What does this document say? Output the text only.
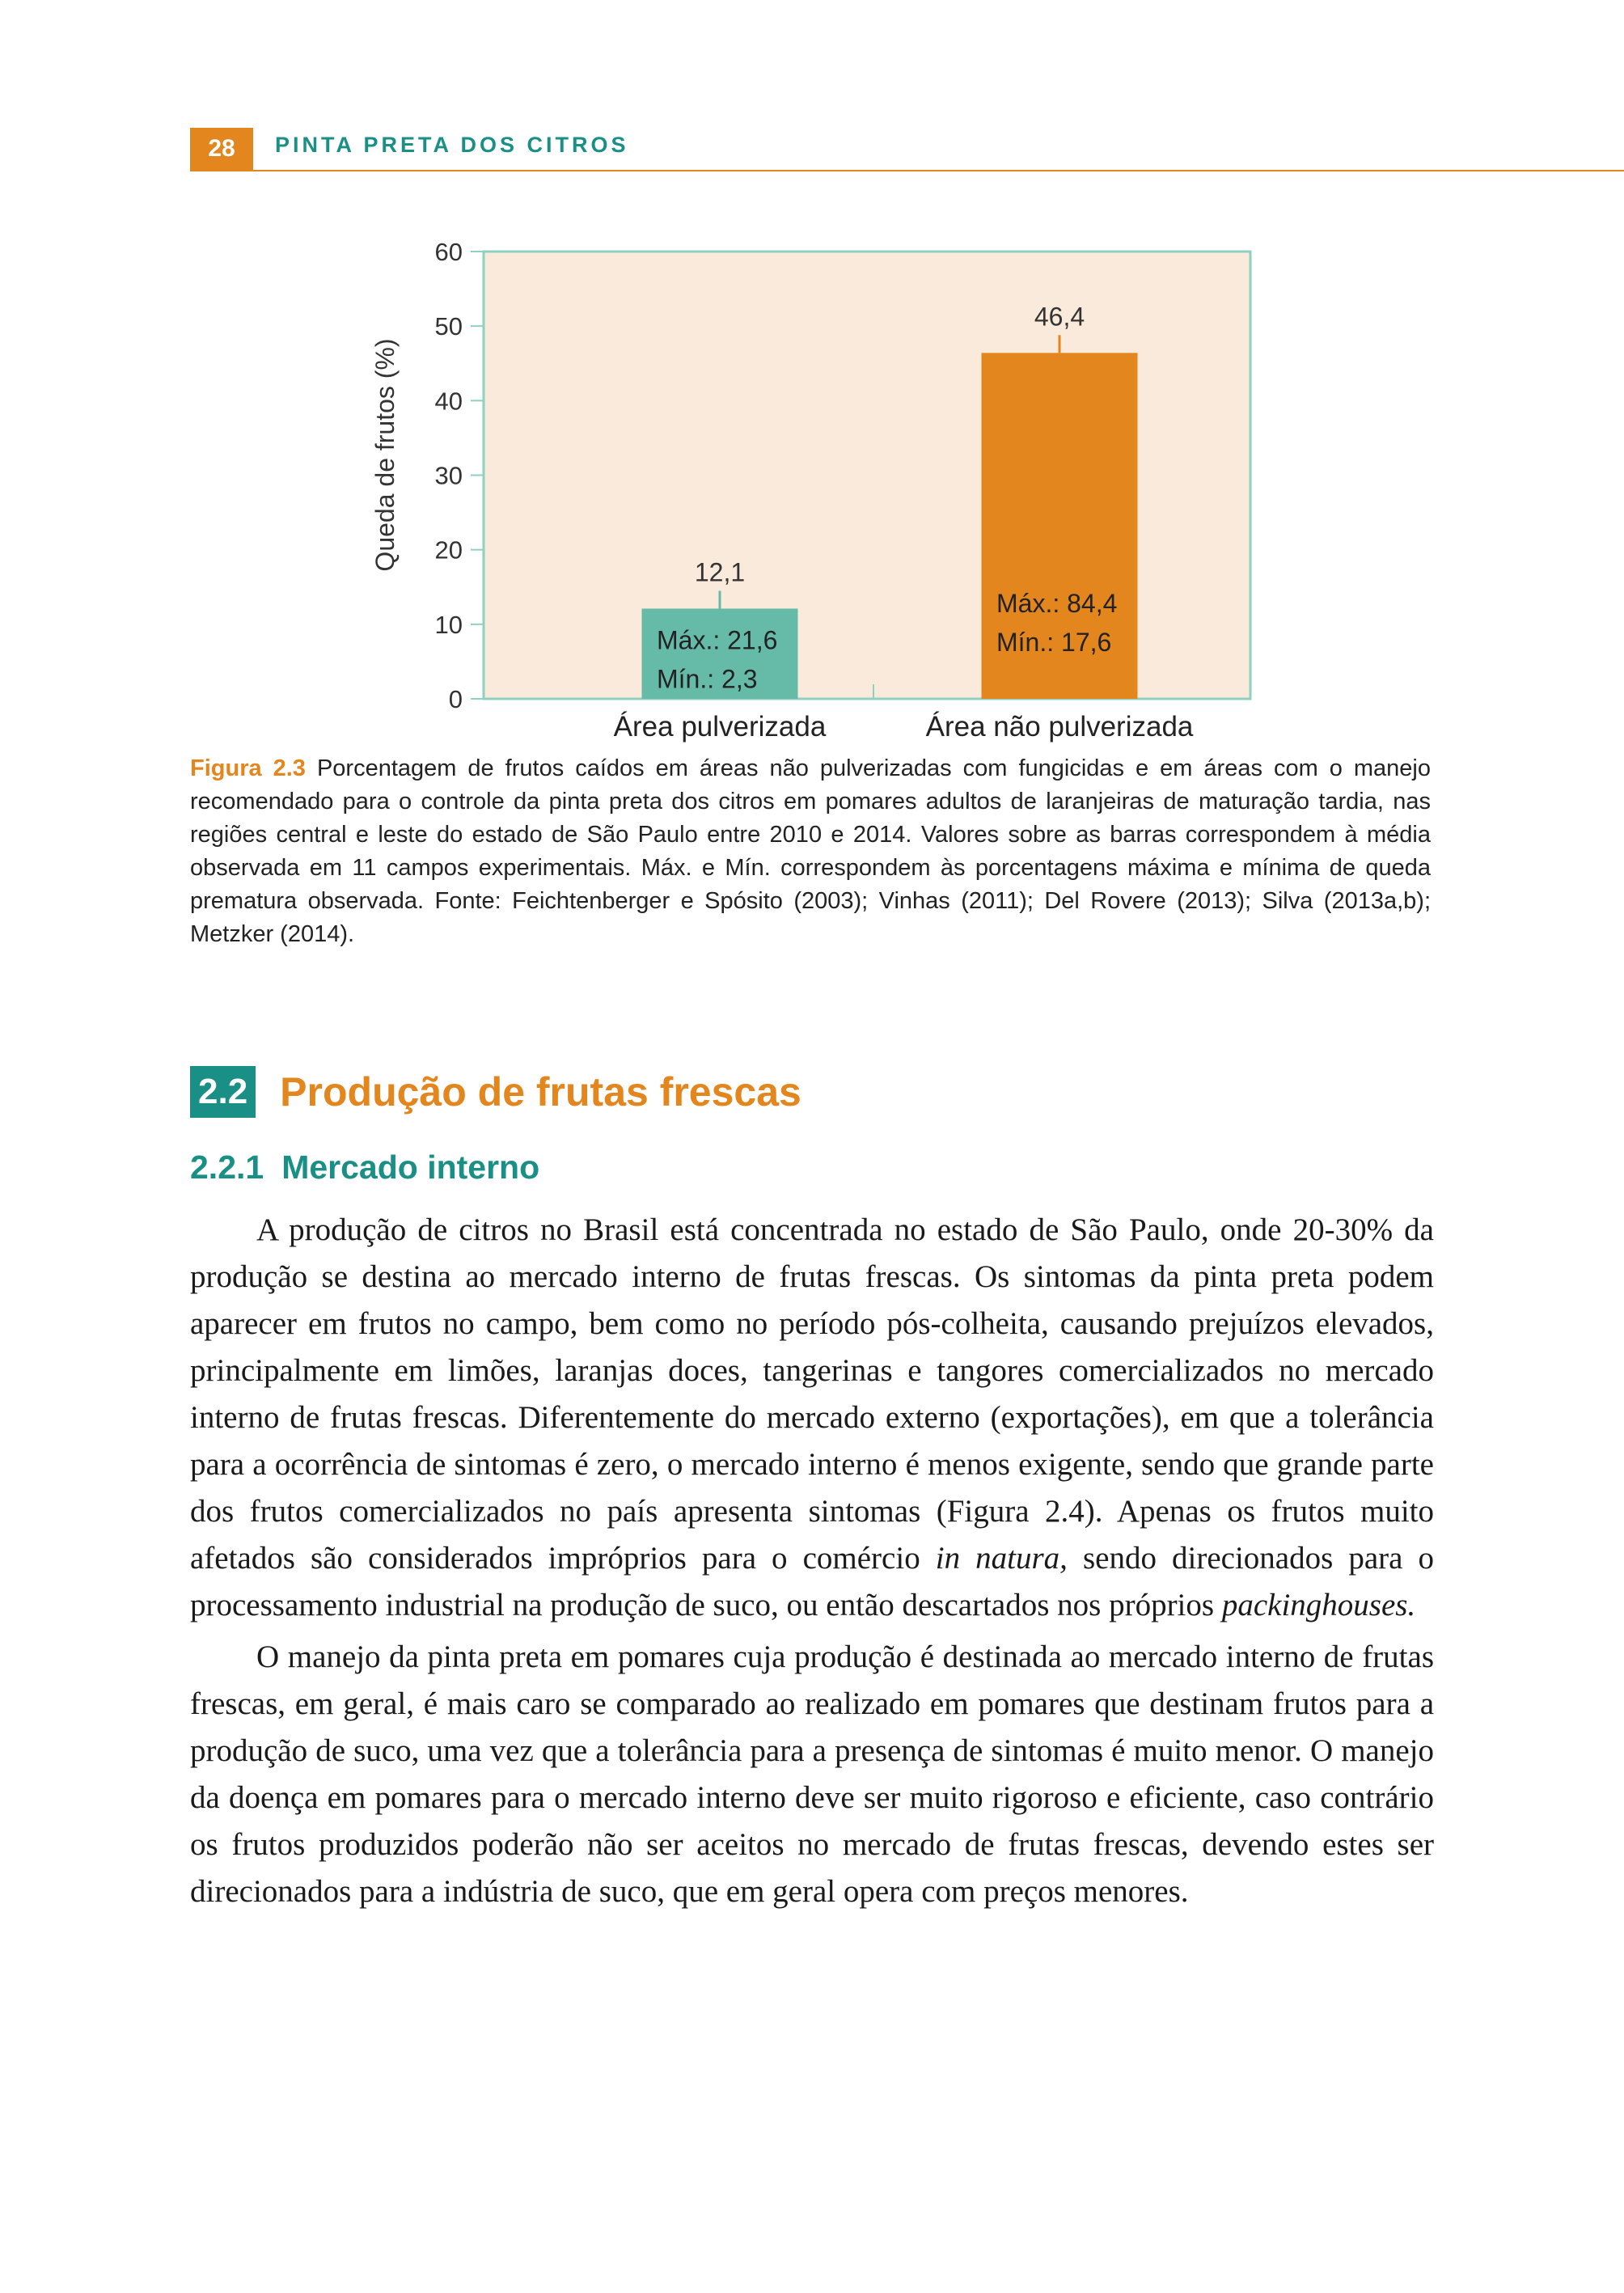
28	PINTA PRETA DOS CITROS
0
10
20
30
40
50
60
Queda de frutos (%)
12,1
Máx.: 21,6
Mín.: 2,3
Área pulverizada
46,4
Máx.: 84,4
Mín.: 17,6
Área não pulverizada
Figura 2.3 Porcentagem de frutos caídos em áreas não pulverizadas com fungicidas e em áreas com o manejo recomendado para o controle da pinta preta dos citros em pomares adultos de laranjeiras de maturação tardia, nas regiões central e leste do estado de São Paulo entre 2010 e 2014. Valores sobre as barras correspondem à média observada em 11 campos experimentais. Máx. e Mín. correspondem às porcentagens máxima e mínima de queda prematura observada. Fonte: Feichtenberger e Spósito (2003); Vinhas (2011); Del Rovere (2013); Silva (2013a,b); Metzker (2014).
2.2 Produção de frutas frescas
2.2.1 Mercado interno

A produção de citros no Brasil está concentrada no estado de São Paulo, onde 20-30% da produção se destina ao mercado interno de frutas frescas. Os sintomas da pinta preta podem aparecer em frutos no campo, bem como no período pós-colheita, causando prejuízos elevados, principalmente em limões, laranjas doces, tangerinas e tangores comercializados no mercado interno de frutas frescas. Diferentemente do mercado externo (exportações), em que a tolerância para a ocorrência de sintomas é zero, o mercado interno é menos exigente, sendo que grande parte dos frutos comercializados no país apresenta sintomas (Figura 2.4). Apenas os frutos muito afetados são considerados impróprios para o comércio in natura, sendo direcionados para o processamento industrial na produção de suco, ou então descartados nos próprios packinghouses.

O manejo da pinta preta em pomares cuja produção é destinada ao mercado interno de frutas frescas, em geral, é mais caro se comparado ao realizado em pomares que destinam frutos para a produção de suco, uma vez que a tolerância para a presença de sintomas é muito menor. O manejo da doença em pomares para o mercado interno deve ser muito rigoroso e eficiente, caso contrário os frutos produzidos poderão não ser aceitos no mercado de frutas frescas, devendo estes ser direcionados para a indústria de suco, que em geral opera com preços menores.
